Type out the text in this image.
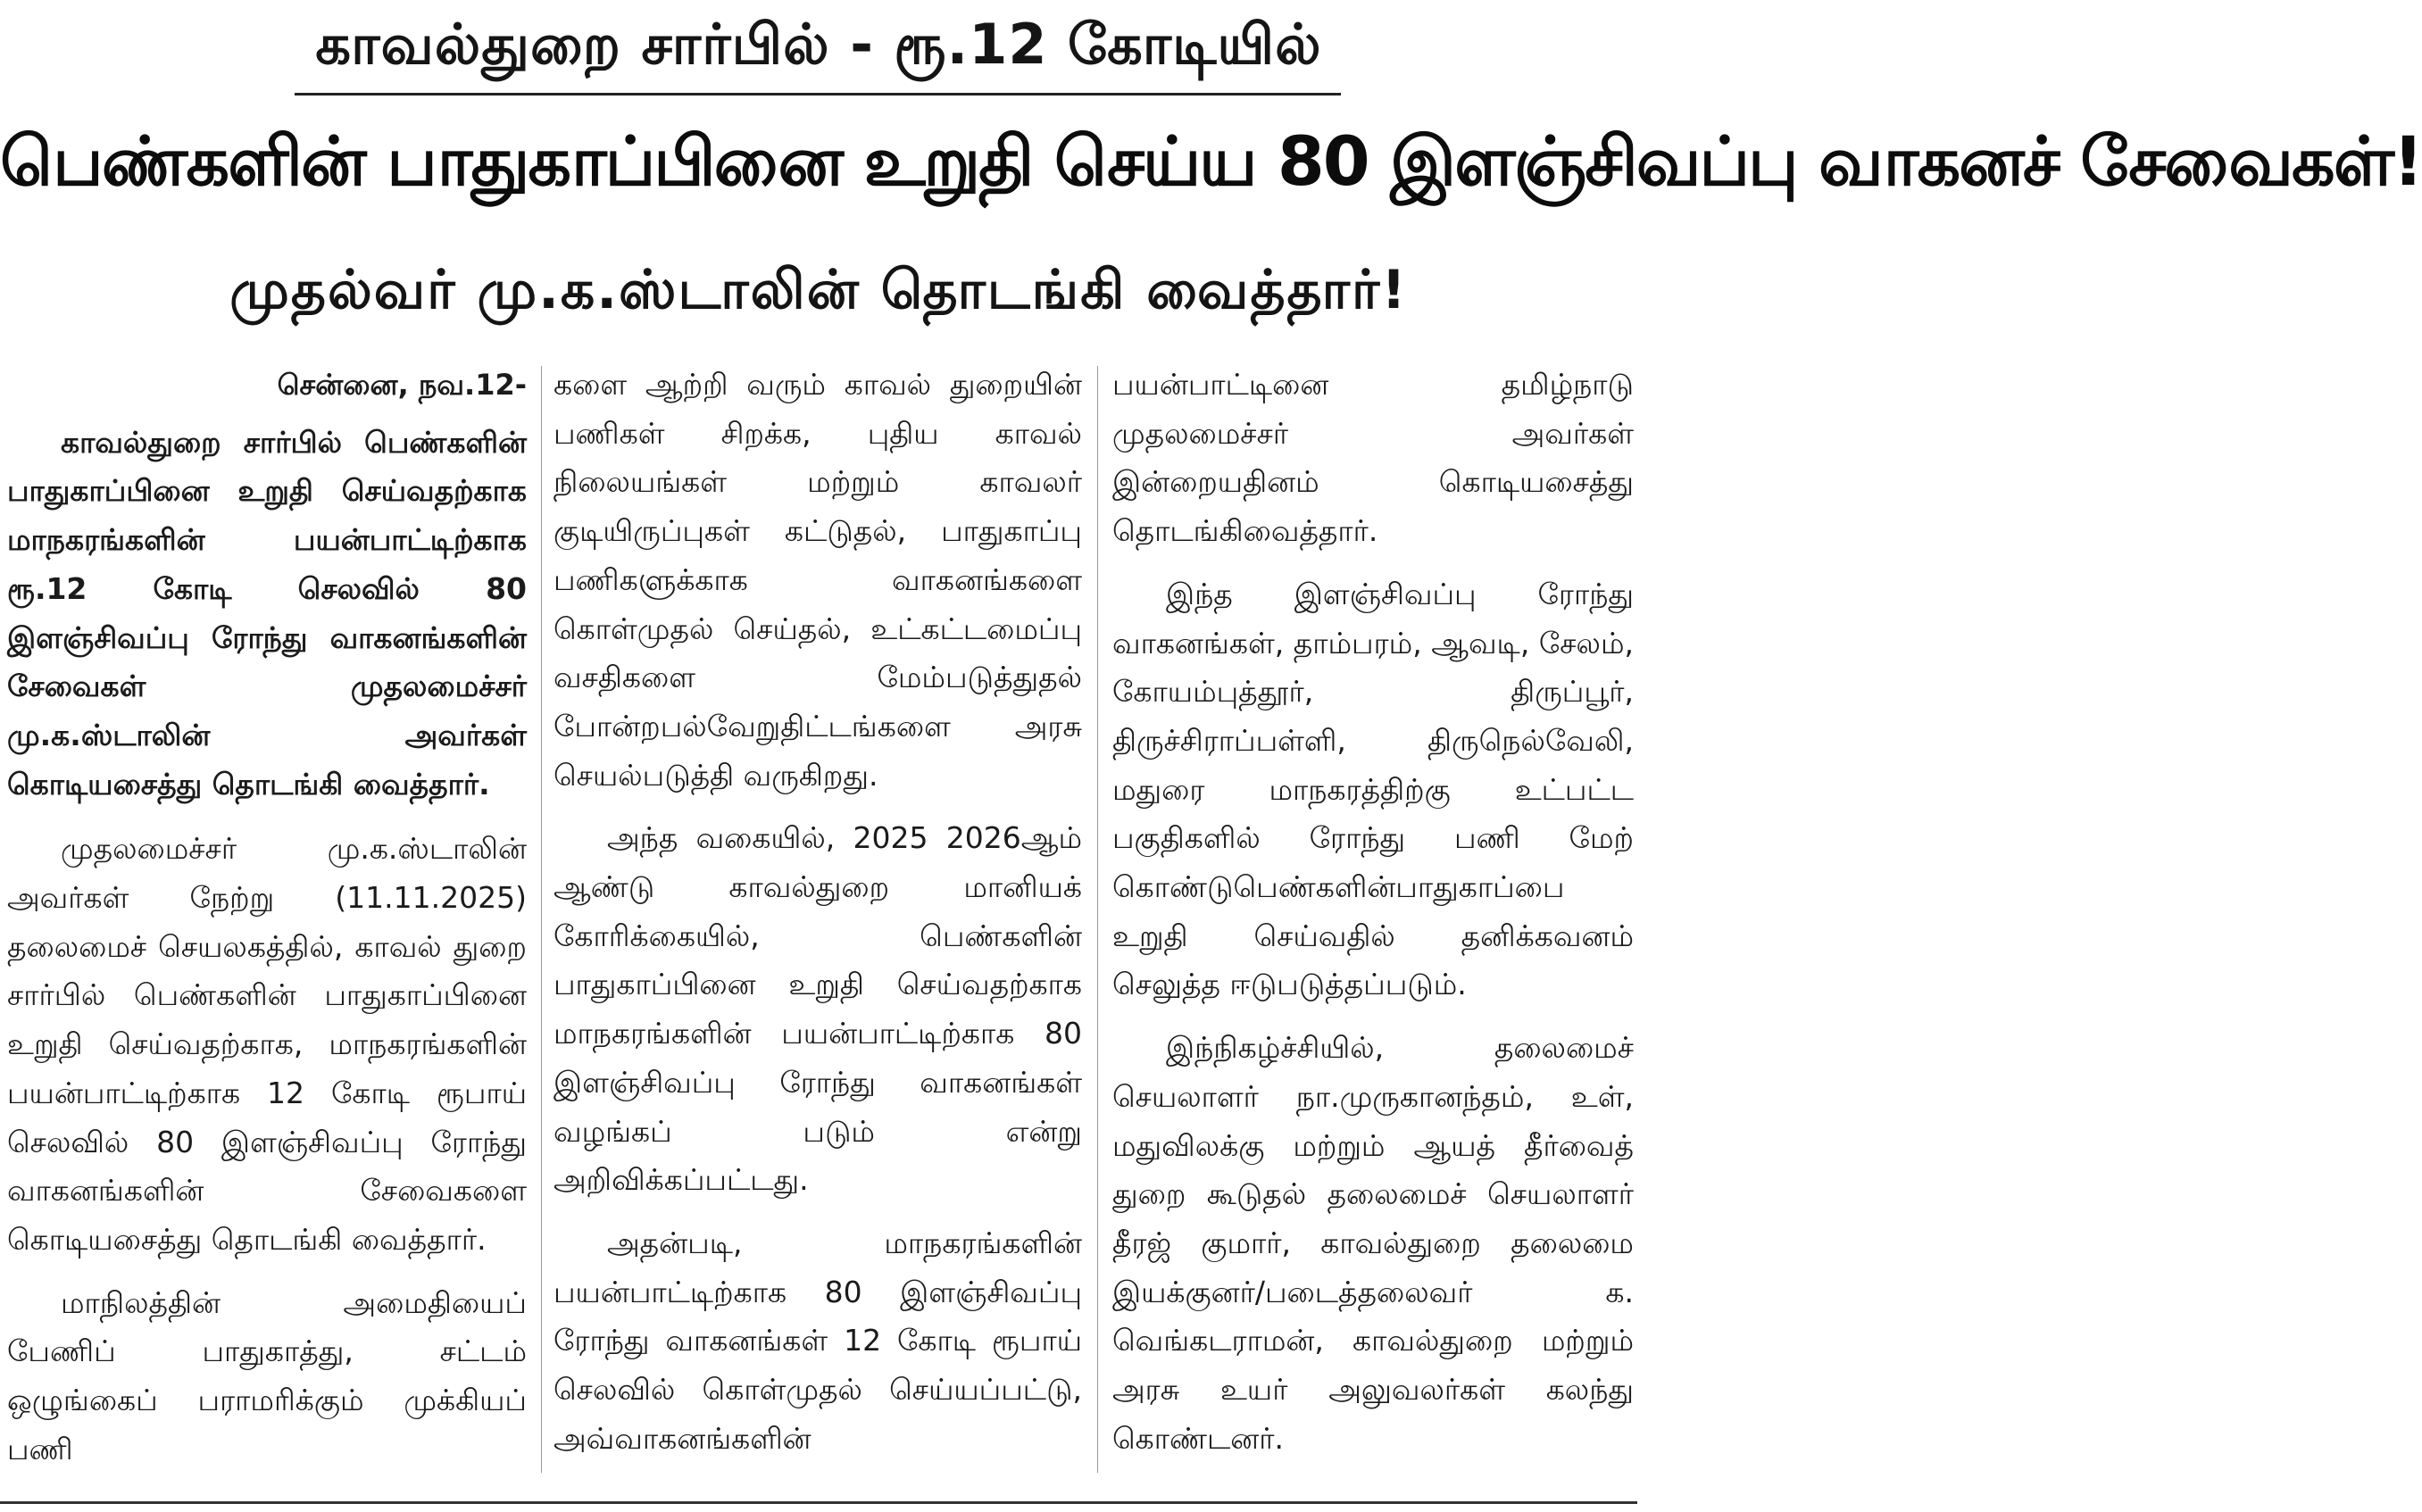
காவல்துறை சார்பில் - ரூ.12 கோடியில்
பெண்களின் பாதுகாப்பினை உறுதி செய்ய 80 இளஞ்சிவப்பு வாகனச் சேவைகள்!
முதல்வர் மு.க.ஸ்டாலின் தொடங்கி வைத்தார்!
சென்னை, நவ.12-
காவல்துறை சார்பில் பெண்களின் பாதுகாப்பினை உறுதி செய்வதற்காக மாநகரங்களின் பயன்பாட்டிற்காக ரூ.12 கோடி செலவில் 80 இளஞ்சிவப்பு ரோந்து வாகனங்களின் சேவைகள் முதலமைச்சர் மு.க.ஸ்டாலின் அவர்கள் கொடியசைத்து தொடங்கி வைத்தார்.

முதலமைச்சர் மு.க.ஸ்டாலின் அவர்கள் நேற்று (11.11.2025) தலைமைச் செயலகத்தில், காவல் துறை சார்பில் பெண்களின் பாதுகாப்பினை உறுதி செய்வதற்காக, மாநகரங்களின் பயன்பாட்டிற்காக 12 கோடி ரூபாய் செலவில் 80 இளஞ்சிவப்பு ரோந்து வாகனங்களின் சேவைகளை கொடியசைத்து தொடங்கி வைத்தார்.

மாநிலத்தின் அமைதியைப் பேணிப் பாதுகாத்து, சட்டம் ஒழுங்கைப் பராமரிக்கும் முக்கியப் பணி

களை ஆற்றி வரும் காவல் துறையின் பணிகள் சிறக்க, புதிய காவல் நிலையங்கள் மற்றும் காவலர் குடியிருப்புகள் கட்டுதல், பாதுகாப்பு பணிகளுக்காக வாகனங்களை கொள்முதல் செய்தல், உட்கட்டமைப்பு வசதிகளை மேம்படுத்துதல் போன்றபல்வேறுதிட்டங்களை அரசு செயல்படுத்தி வருகிறது.

அந்த வகையில், 2025 2026ஆம் ஆண்டு காவல்துறை மானியக் கோரிக்கையில், பெண்களின் பாதுகாப்பினை உறுதி செய்வதற்காக மாநகரங்களின் பயன்பாட்டிற்காக 80 இளஞ்சிவப்பு ரோந்து வாகனங்கள் வழங்கப் படும் என்று அறிவிக்கப்பட்டது.

அதன்படி, மாநகரங்களின் பயன்பாட்டிற்காக 80 இளஞ்சிவப்பு ரோந்து வாகனங்கள் 12 கோடி ரூபாய் செலவில் கொள்முதல் செய்யப்பட்டு, அவ்வாகனங்களின்

பயன்பாட்டினை தமிழ்நாடு முதலமைச்சர் அவர்கள் இன்றையதினம் கொடியசைத்து தொடங்கிவைத்தார்.

இந்த இளஞ்சிவப்பு ரோந்து வாகனங்கள், தாம்பரம், ஆவடி, சேலம், கோயம்புத்தூர், திருப்பூர், திருச்சிராப்பள்ளி, திருநெல்வேலி, மதுரை மாநகரத்திற்கு உட்பட்ட பகுதிகளில் ரோந்து பணி மேற் கொண்டுபெண்களின்பாதுகாப்பை உறுதி செய்வதில் தனிக்கவனம் செலுத்த ஈடுபடுத்தப்படும்.

இந்நிகழ்ச்சியில், தலைமைச் செயலாளர் நா.முருகானந்தம், உள், மதுவிலக்கு மற்றும் ஆயத் தீர்வைத் துறை கூடுதல் தலைமைச் செயலாளர் தீரஜ் குமார், காவல்துறை தலைமை இயக்குனர்/படைத்தலைவர் க. வெங்கடராமன், காவல்துறை மற்றும் அரசு உயர் அலுவலர்கள் கலந்து கொண்டனர்.
